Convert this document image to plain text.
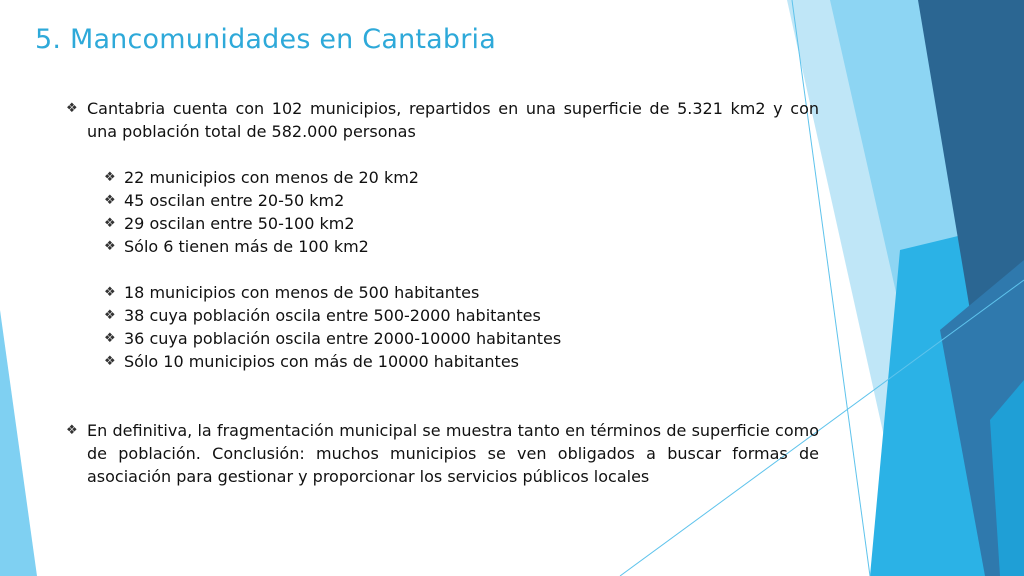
5. Mancomunidades en Cantabria
❖ Cantabria cuenta con 102 municipios, repartidos en una superficie de 5.321 km2 y con una población total de 582.000 personas
❖ 22 municipios con menos de 20 km2
❖ 45 oscilan entre 20-50 km2
❖ 29 oscilan entre 50-100 km2
❖ Sólo 6 tienen más de 100 km2
❖ 18 municipios con menos de 500 habitantes
❖ 38 cuya población oscila entre 500-2000 habitantes
❖ 36 cuya población oscila entre 2000-10000 habitantes
❖ Sólo 10 municipios con más de 10000 habitantes
❖ En definitiva, la fragmentación municipal se muestra tanto en términos de superficie como de población. Conclusión: muchos municipios se ven obligados a buscar formas de asociación para gestionar y proporcionar los servicios públicos locales
